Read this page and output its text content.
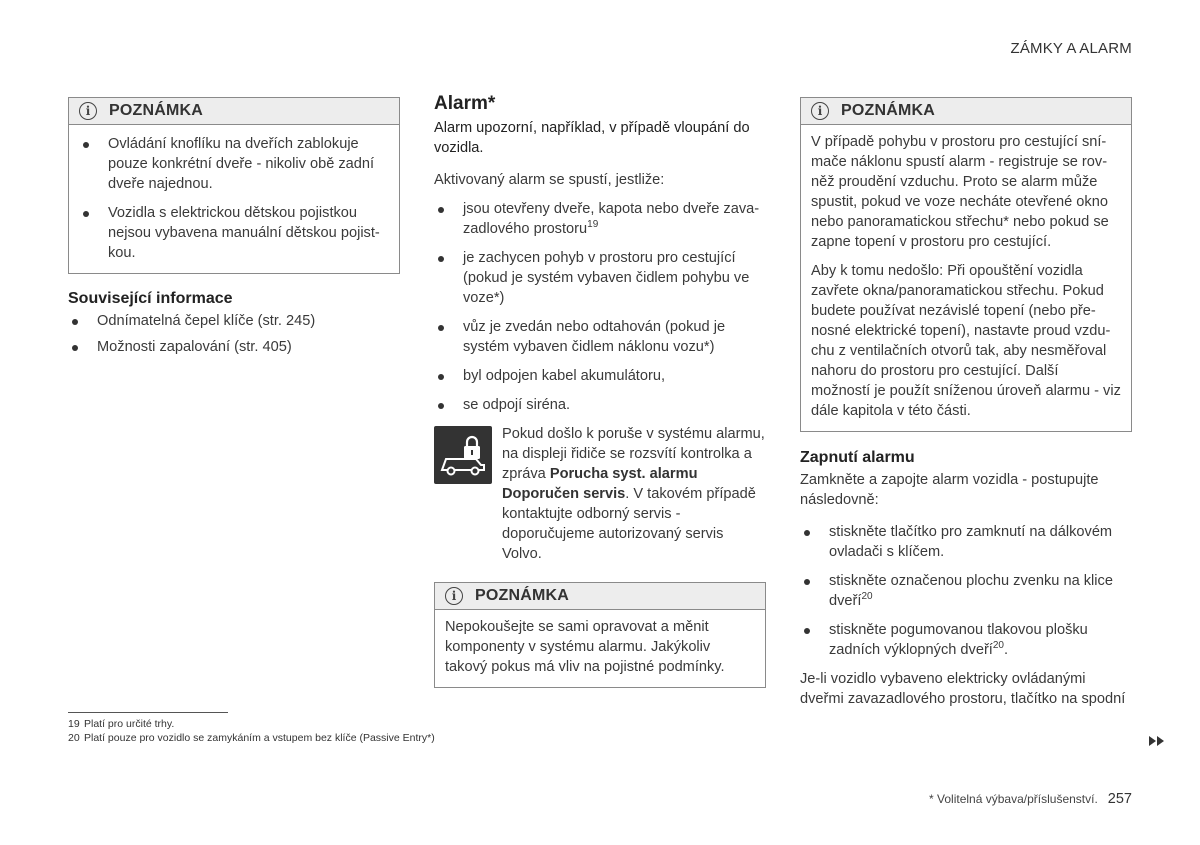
ZÁMKY A ALARM
i	POZNÁMKA
Ovládání knoflíku na dveřích zablokuje pouze konkrétní dveře - nikoliv obě zadní dveře najednou.
Vozidla s elektrickou dětskou pojistkou nejsou vybavena manuální dětskou pojistkou.
Související informace
Odnímatelná čepel klíče (str. 245)
Možnosti zapalování (str. 405)
Alarm*

Alarm upozorní, například, v případě vloupání do vozidla.

Aktivovaný alarm se spustí, jestliže:

jsou otevřeny dveře, kapota nebo dveře zavazadlového prostoru$^{19}$
je zachycen pohyb v prostoru pro cestující (pokud je systém vybaven čidlem pohybu ve voze*)
vůz je zvedán nebo odtahován (pokud je systém vybaven čidlem náklonu vozu*)
byl odpojen kabel akumulátoru,
se odpojí siréna.
Pokud došlo k poruše v systému alarmu, na displeji řidiče se rozsvítí kontrolka a zpráva Porucha syst. alarmu Doporučen servis. V takovém případě kontaktujte odborný servis - doporučujeme autorizovaný servis Volvo.
i	POZNÁMKA

Nepokoušejte se sami opravovat a měnit komponenty v systému alarmu. Jakýkoliv takový pokus má vliv na pojistné podmínky.

i	POZNÁMKA

V případě pohybu v prostoru pro cestující snímače náklonu spustí alarm - registruje se rovněž proudění vzduchu. Proto se alarm může spustit, pokud ve voze necháte otevřené okno nebo panoramatickou střechu* nebo pokud se zapne topení v prostoru pro cestující.

Aby k tomu nedošlo: Při opouštění vozidla zavřete okna/panoramatickou střechu. Pokud budete používat nezávislé topení (nebo přenosné elektrické topení), nastavte proud vzduchu z ventilačních otvorů tak, aby nesměřoval nahoru do prostoru pro cestující. Další možností je použít sníženou úroveň alarmu - viz dále kapitola v této části.

Zapnutí alarmu

Zamkněte a zapojte alarm vozidla - postupujte následovně:

stiskněte tlačítko pro zamknutí na dálkovém ovladači s klíčem.
stiskněte označenou plochu zvenku na klice dveří$^{20}$
stiskněte pogumovanou tlakovou plošku zadních výklopných dveří$^{20}$.

Je-li vozidlo vybaveno elektricky ovládanými dveřmi zavazadlového prostoru, tlačítko na spodní

19 Platí pro určité trhy.
20 Platí pouze pro vozidlo se zamykáním a vstupem bez klíče (Passive Entry*)
* Volitelná výbava/příslušenství. 257
